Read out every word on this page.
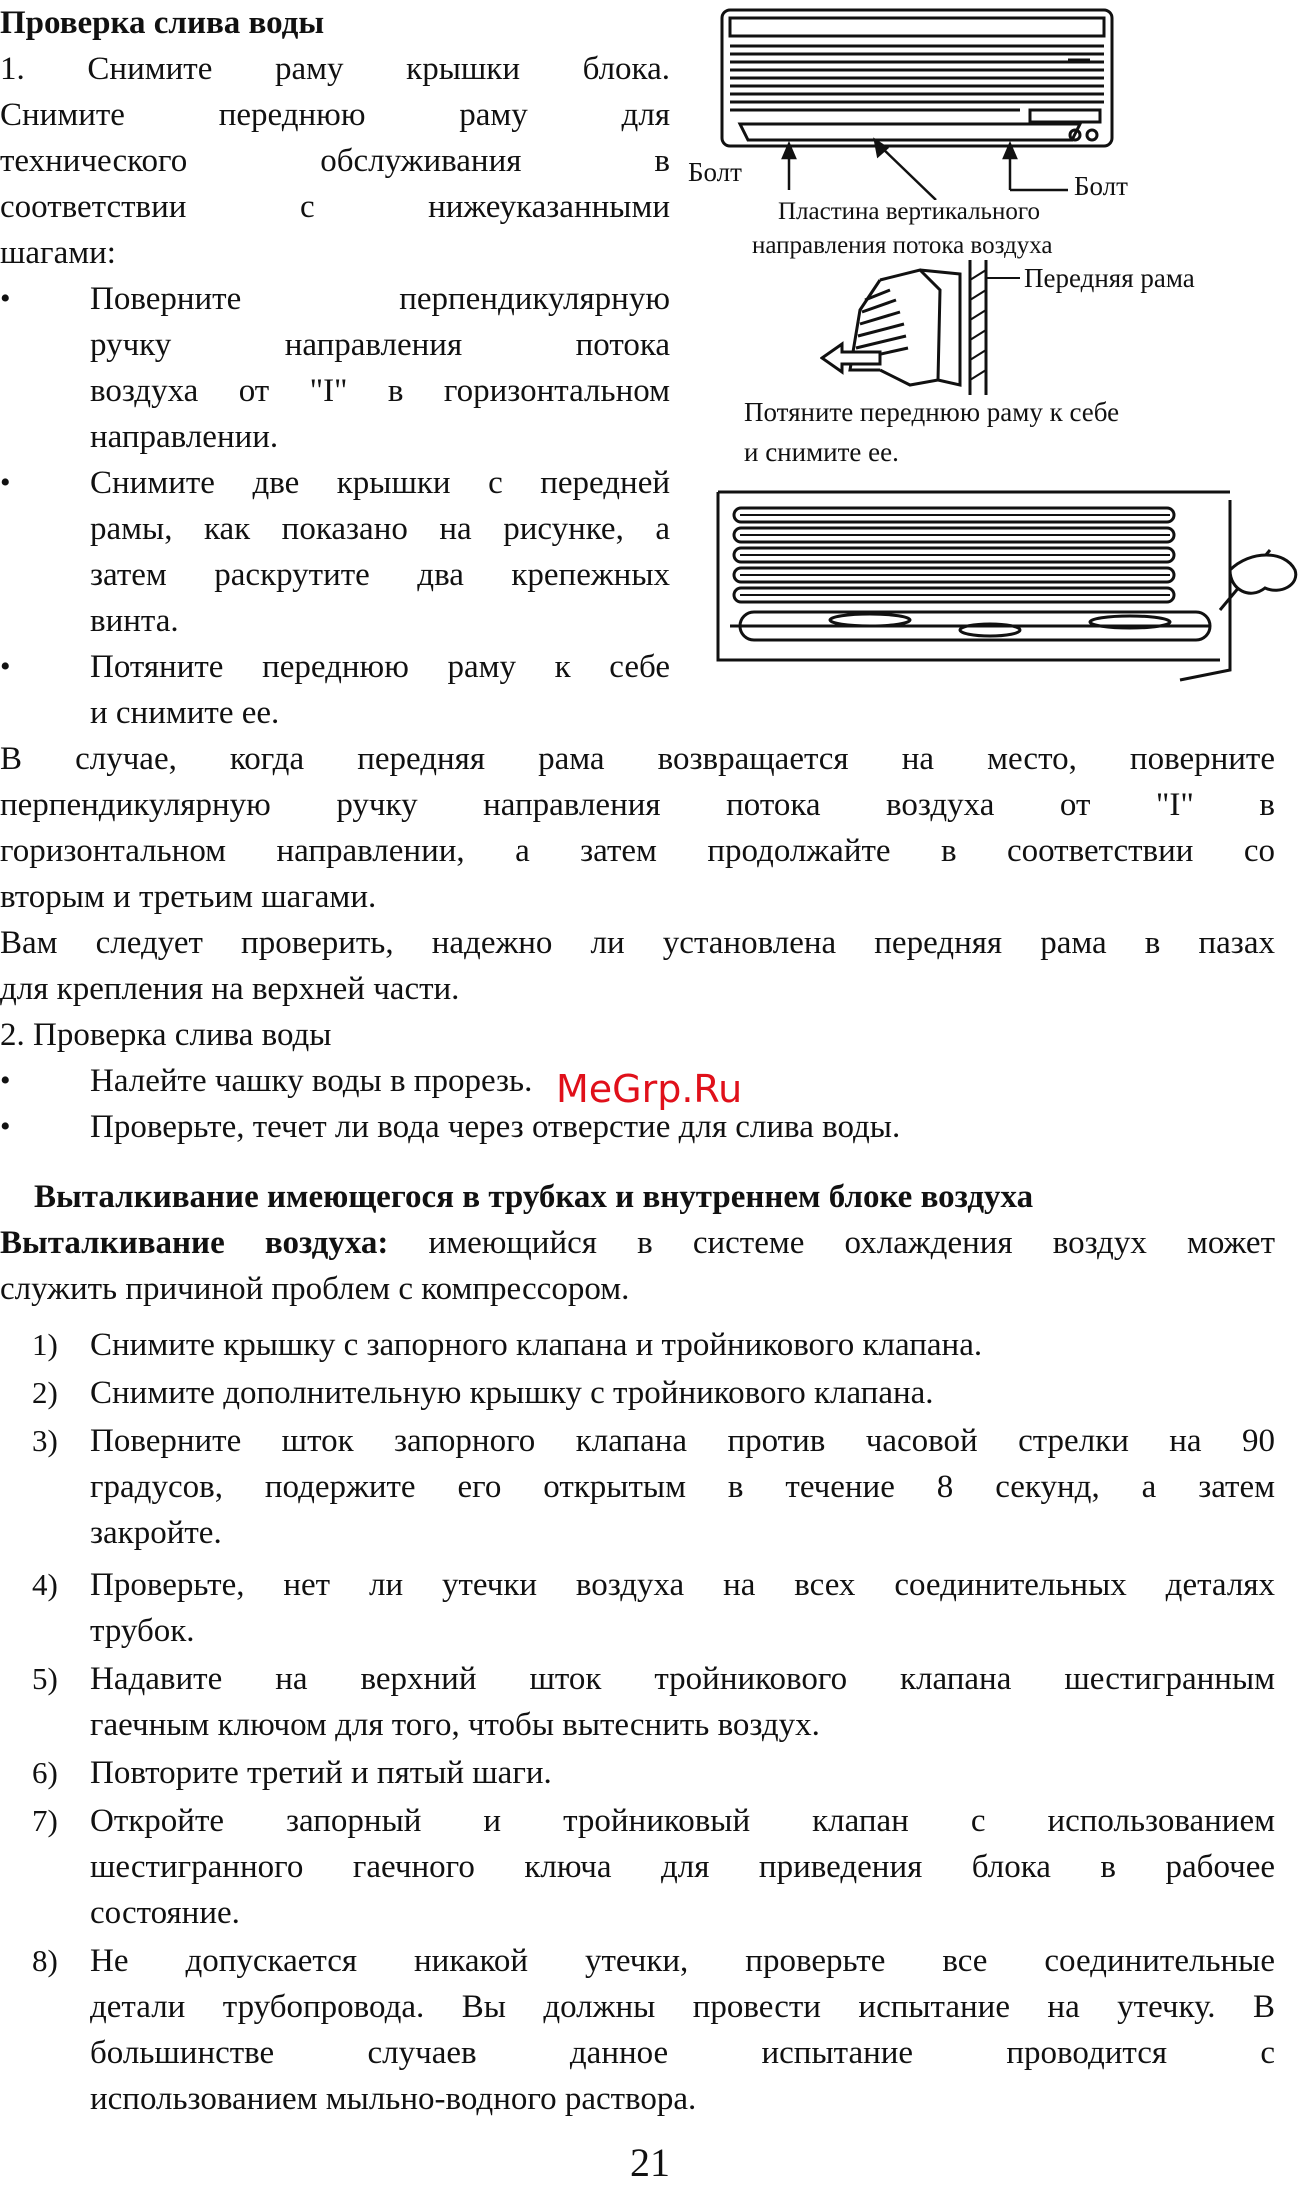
Проверка слива воды

1. Снимите раму крышки блока.

Снимите переднюю раму для

технического обслуживания в

соответствии с нижеуказанными

шагами:

•	Поверните перпендикулярную

ручку направления потока

воздуха от "I" в горизонтальном

направлении.

•	Снимите две крышки с передней

рамы, как показано на рисунке, а

затем раскрутите два крепежных

винта.

•	Потяните переднюю раму к себе

и снимите ее.

Болт	Болт
Пластина вертикального
направления потока воздуха
Передняя рама
Потяните переднюю раму к себе
и снимите ее.

В случае, когда передняя рама возвращается на место, поверните

перпендикулярную ручку направления потока воздуха от "I" в

горизонтальном направлении, а затем продолжайте в соответствии со

вторым и третьим шагами.

Вам следует проверить, надежно ли установлена передняя рама в пазах

для крепления на верхней части.

2. Проверка слива воды

•	Налейте чашку воды в прорезь.

•	Проверьте, течет ли вода через отверстие для слива воды.

MeGrp.Ru

Выталкивание имеющегося в трубках и внутреннем блоке воздуха

Выталкивание воздуха: имеющийся в системе охлаждения воздух может

служить причиной проблем с компрессором.

1) Снимите крышку с запорного клапана и тройникового клапана.

2) Снимите дополнительную крышку с тройникового клапана.

3) Поверните шток запорного клапана против часовой стрелки на 90

градусов, подержите его открытым в течение 8 секунд, а затем

закройте.

4) Проверьте, нет ли утечки воздуха на всех соединительных деталях

трубок.

5) Надавите на верхний шток тройникового клапана шестигранным

гаечным ключом для того, чтобы вытеснить воздух.

6) Повторите третий и пятый шаги.

7) Откройте запорный и тройниковый клапан с использованием

шестигранного гаечного ключа для приведения блока в рабочее

состояние.

8) Не допускается никакой утечки, проверьте все соединительные

детали трубопровода. Вы должны провести испытание на утечку. В

большинстве случаев данное испытание проводится с

использованием мыльно-водного раствора.

21
